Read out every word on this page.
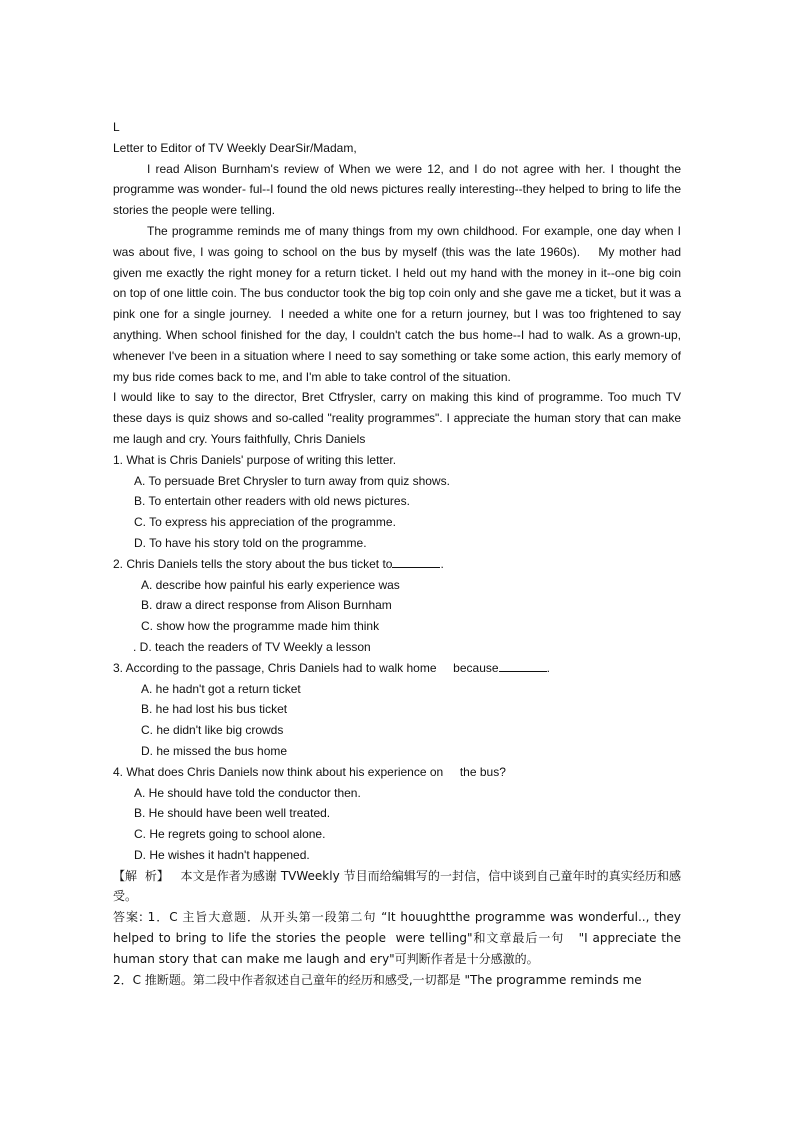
L

Letter to Editor of TV Weekly DearSir/Madam,

I read Alison Burnham's review of When we were 12, and I do not agree with her. I thought the programme was wonder- ful--I found the old news pictures really interesting--they helped to bring to life the stories the people were telling.

The programme reminds me of many things from my own childhood. For example, one day when I was about five, I was going to school on the bus by myself (this was the late 1960s).    My mother had given me exactly the right money for a return ticket. I held out my hand with the money in it--one big coin on top of one little coin. The bus conductor took the big top coin only and she gave me a ticket, but it was a pink one for a single journey.  I needed a white one for a return journey, but I was too frightened to say anything. When school finished for the day, I couldn't catch the bus home--I had to walk. As a grown-up, whenever I've been in a situation where I need to say something or take some action, this early memory of my bus ride comes back to me, and I'm able to take control of the situation.

I would like to say to the director, Bret Ctfrysler, carry on making this kind of programme. Too much TV these days is quiz shows and so-called "reality programmes". I appreciate the human story that can make me laugh and cry. Yours faithfully, Chris Daniels

1. What is Chris Daniels' purpose of writing this letter.

A. To persuade Bret Chrysler to turn away from quiz shows.

B. To entertain other readers with old news pictures.

C. To express his appreciation of the programme.

D. To have his story told on the programme.

2. Chris Daniels tells the story about the bus ticket to	.

A. describe how painful his early experience was

B. draw a direct response from Alison Burnham

C. show how the programme made him think

. D. teach the readers of TV Weekly a lesson

3. According to the passage, Chris Daniels had to walk home     because	.

A. he hadn't got a return ticket

B. he had lost his bus ticket

C. he didn't like big crowds

D. he missed the bus home

4. What does Chris Daniels now think about his experience on     the bus?

A. He should have told the conductor then.

B. He should have been well treated.

C. He regrets going to school alone.

D. He wishes it hadn't happened.

【解  析】   本文是作者为感谢 TVWeekly 节目而给编辑写的一封信，信中谈到自己童年时的真实经历和感受。

答案: 1．C 主旨大意题．从开头第一段第二句 “It houughtthe programme was wonderful.., they helped to bring to life the stories the people  were telling"和文章最后一句   "I appreciate the human story that can make me laugh and ery"可判断作者是十分感激的。

2．C 推断题。第二段中作者叙述自己童年的经历和感受,一切都是 "The programme reminds me
